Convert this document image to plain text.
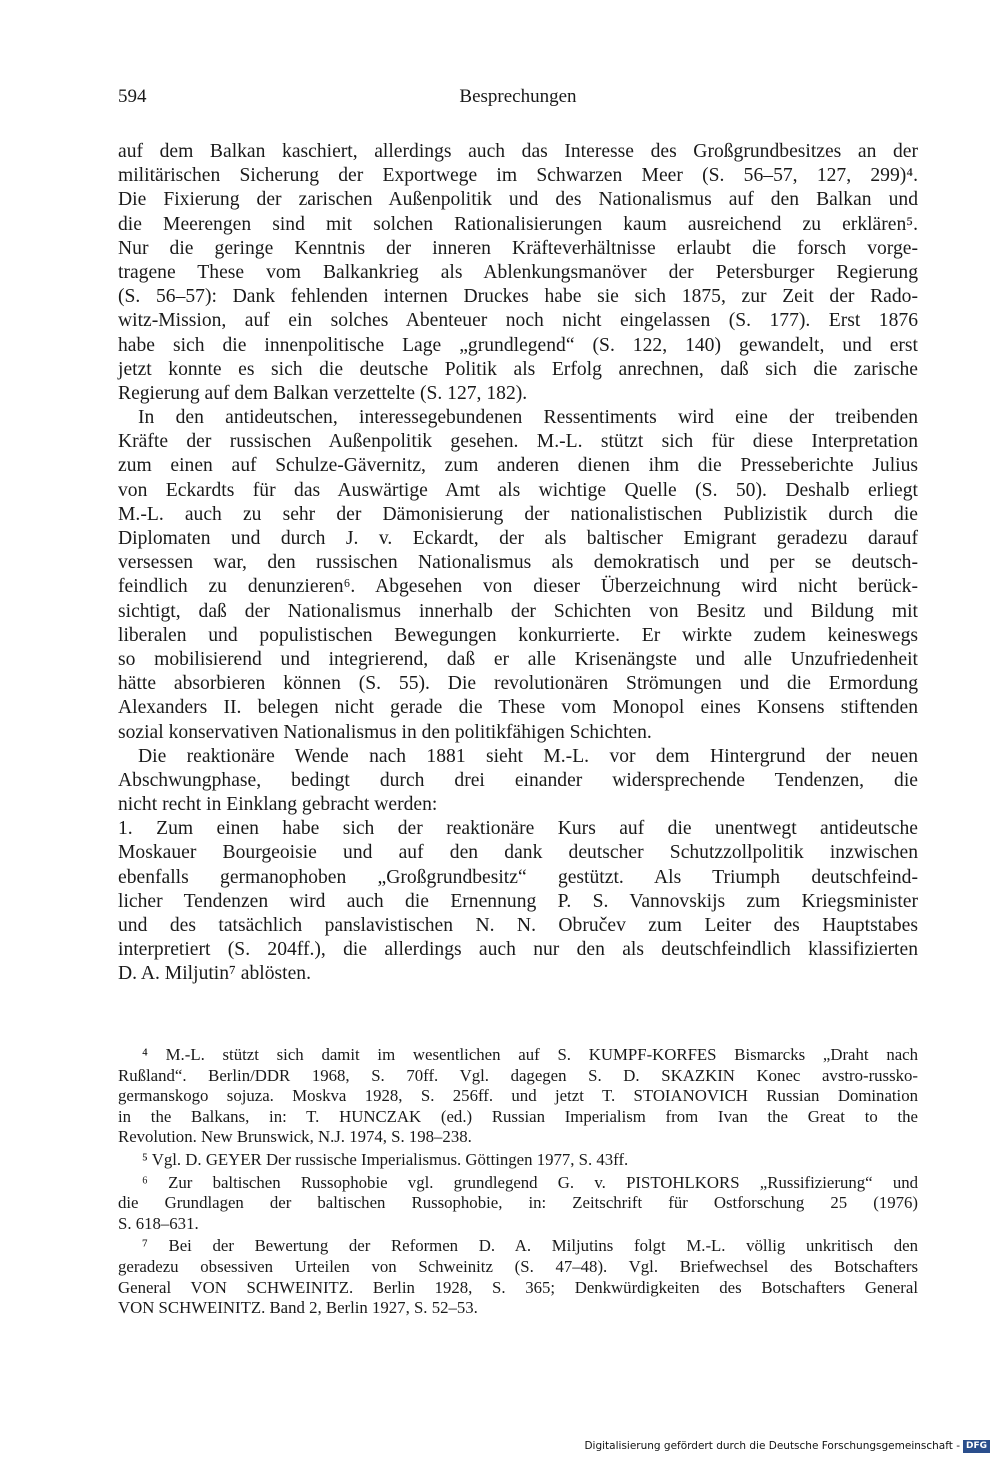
594	Besprechungen
auf dem Balkan kaschiert, allerdings auch das Interesse des Großgrundbesitzes an der
militärischen Sicherung der Exportwege im Schwarzen Meer (S. 56–57, 127, 299)⁴.
Die Fixierung der zarischen Außenpolitik und des Nationalismus auf den Balkan und
die Meerengen sind mit solchen Rationalisierungen kaum ausreichend zu erklären⁵.
Nur die geringe Kenntnis der inneren Kräfteverhältnisse erlaubt die forsch vorge-
tragene These vom Balkankrieg als Ablenkungsmanöver der Petersburger Regierung
(S. 56–57): Dank fehlenden internen Druckes habe sie sich 1875, zur Zeit der Rado-
witz-Mission, auf ein solches Abenteuer noch nicht eingelassen (S. 177). Erst 1876
habe sich die innenpolitische Lage „grundlegend“ (S. 122, 140) gewandelt, und erst
jetzt konnte es sich die deutsche Politik als Erfolg anrechnen, daß sich die zarische
Regierung auf dem Balkan verzettelte (S. 127, 182).
In den antideutschen, interessegebundenen Ressentiments wird eine der treibenden
Kräfte der russischen Außenpolitik gesehen. M.-L. stützt sich für diese Interpretation
zum einen auf Schulze-Gävernitz, zum anderen dienen ihm die Presseberichte Julius
von Eckardts für das Auswärtige Amt als wichtige Quelle (S. 50). Deshalb erliegt
M.-L. auch zu sehr der Dämonisierung der nationalistischen Publizistik durch die
Diplomaten und durch J. v. Eckardt, der als baltischer Emigrant geradezu darauf
versessen war, den russischen Nationalismus als demokratisch und per se deutsch-
feindlich zu denunzieren⁶. Abgesehen von dieser Überzeichnung wird nicht berück-
sichtigt, daß der Nationalismus innerhalb der Schichten von Besitz und Bildung mit
liberalen und populistischen Bewegungen konkurrierte. Er wirkte zudem keineswegs
so mobilisierend und integrierend, daß er alle Krisenängste und alle Unzufriedenheit
hätte absorbieren können (S. 55). Die revolutionären Strömungen und die Ermordung
Alexanders II. belegen nicht gerade die These vom Monopol eines Konsens stiftenden
sozial konservativen Nationalismus in den politikfähigen Schichten.
Die reaktionäre Wende nach 1881 sieht M.-L. vor dem Hintergrund der neuen
Abschwungphase, bedingt durch drei einander widersprechende Tendenzen, die
nicht recht in Einklang gebracht werden:
1. Zum einen habe sich der reaktionäre Kurs auf die unentwegt antideutsche
Moskauer Bourgeoisie und auf den dank deutscher Schutzzollpolitik inzwischen
ebenfalls germanophoben „Großgrundbesitz“ gestützt. Als Triumph deutschfeind-
licher Tendenzen wird auch die Ernennung P. S. Vannovskijs zum Kriegsminister
und des tatsächlich panslavistischen N. N. Obručev zum Leiter des Hauptstabes
interpretiert (S. 204ff.), die allerdings auch nur den als deutschfeindlich klassifizierten
D. A. Miljutin⁷ ablösten.
⁴ M.-L. stützt sich damit im wesentlichen auf S. KUMPF-KORFES Bismarcks „Draht nach
Rußland“. Berlin/DDR 1968, S. 70ff. Vgl. dagegen S. D. SKAZKIN Konec avstro-russko-
germanskogo sojuza. Moskva 1928, S. 256ff. und jetzt T. STOIANOVICH Russian Domination
in the Balkans, in: T. HUNCZAK (ed.) Russian Imperialism from Ivan the Great to the
Revolution. New Brunswick, N.J. 1974, S. 198–238.
⁵ Vgl. D. GEYER Der russische Imperialismus. Göttingen 1977, S. 43ff.
⁶ Zur baltischen Russophobie vgl. grundlegend G. v. PISTOHLKORS „Russifizierung“ und
die Grundlagen der baltischen Russophobie, in: Zeitschrift für Ostforschung 25 (1976)
S. 618–631.
⁷ Bei der Bewertung der Reformen D. A. Miljutins folgt M.-L. völlig unkritisch den
geradezu obsessiven Urteilen von Schweinitz (S. 47–48). Vgl. Briefwechsel des Botschafters
General VON SCHWEINITZ. Berlin 1928, S. 365; Denkwürdigkeiten des Botschafters General
VON SCHWEINITZ. Band 2, Berlin 1927, S. 52–53.
Digitalisierung gefördert durch die Deutsche Forschungsgemeinschaft - DFG
